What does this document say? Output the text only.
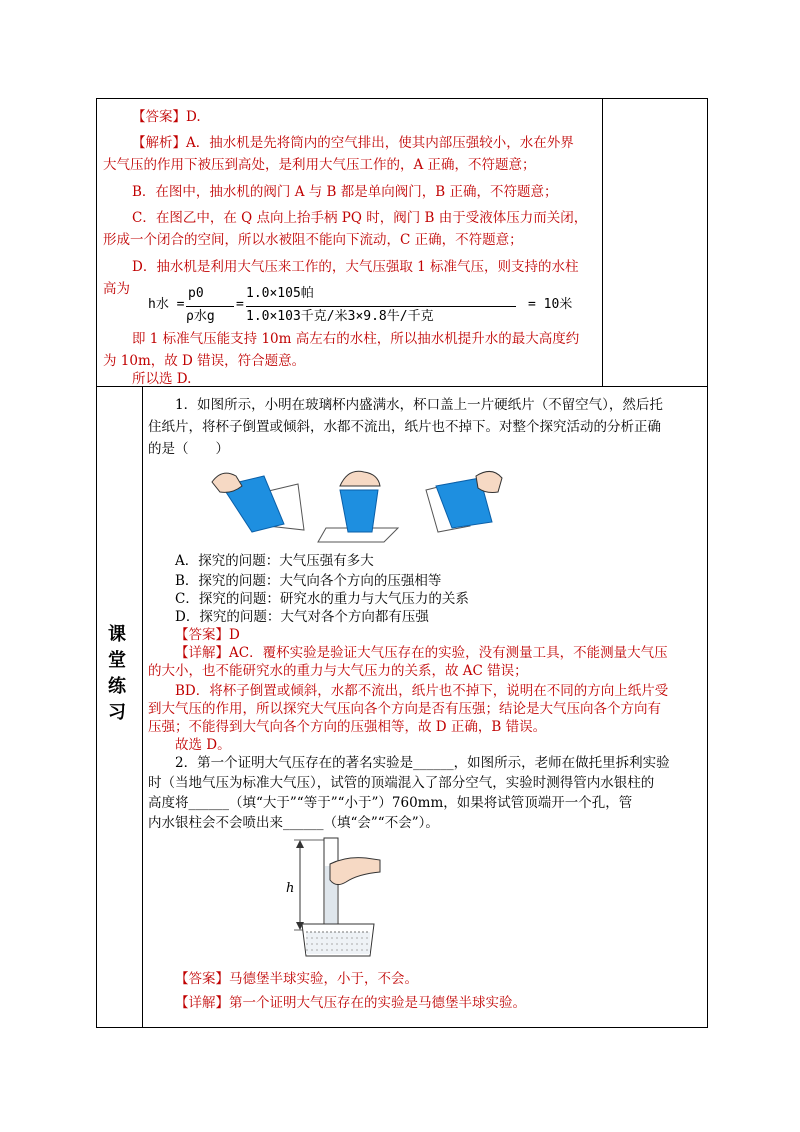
课
堂
练
习
【答案】D.
【解析】A．抽水机是先将筒内的空气排出，使其内部压强较小，水在外界
大气压的作用下被压到高处，是利用大气压工作的，A 正确，不符题意；
B．在图中，抽水机的阀门 A 与 B 都是单向阀门，B 正确，不符题意；
C．在图乙中，在 Q 点向上抬手柄 PQ 时，阀门 B 由于受液体压力而关闭，
形成一个闭合的空间，所以水被阻不能向下流动，C 正确，不符题意；
D．抽水机是利用大气压来工作的，大气压强取 1 标准气压，则支持的水柱
高为
h水 =
p0
ρ水g
=
1.0×105帕
1.0×103千克/米3×9.8牛/千克
= 10米
即 1 标准气压能支持 10m 高左右的水柱，所以抽水机提升水的最大高度约
为 10m，故 D 错误，符合题意。
所以选 D.
1．如图所示，小明在玻璃杯内盛满水，杯口盖上一片硬纸片（不留空气），然后托
住纸片，将杯子倒置或倾斜，水都不流出，纸片也不掉下。对整个探究活动的分析正确
的是（　　）
A．探究的问题：大气压强有多大
B．探究的问题：大气向各个方向的压强相等
C．探究的问题：研究水的重力与大气压力的关系
D．探究的问题：大气对各个方向都有压强
【答案】D
【详解】AC．覆杯实验是验证大气压存在的实验，没有测量工具，不能测量大气压
的大小，也不能研究水的重力与大气压力的关系，故 AC 错误；
BD．将杯子倒置或倾斜，水都不流出，纸片也不掉下，说明在不同的方向上纸片受
到大气压的作用，所以探究大气压向各个方向是否有压强；结论是大气压向各个方向有
压强；不能得到大气向各个方向的压强相等，故 D 正确，B 错误。
故选 D。
2．第一个证明大气压存在的著名实验是______，如图所示，老师在做托里拆利实验
时（当地气压为标准大气压），试管的顶端混入了部分空气，实验时测得管内水银柱的
高度将______（填“大于”“等于”“小于”）760mm，如果将试管顶端开一个孔，管
内水银柱会不会喷出来______（填“会”“不会”）。
h
【答案】马德堡半球实验，小于，不会。
【详解】第一个证明大气压存在的实验是马德堡半球实验。
